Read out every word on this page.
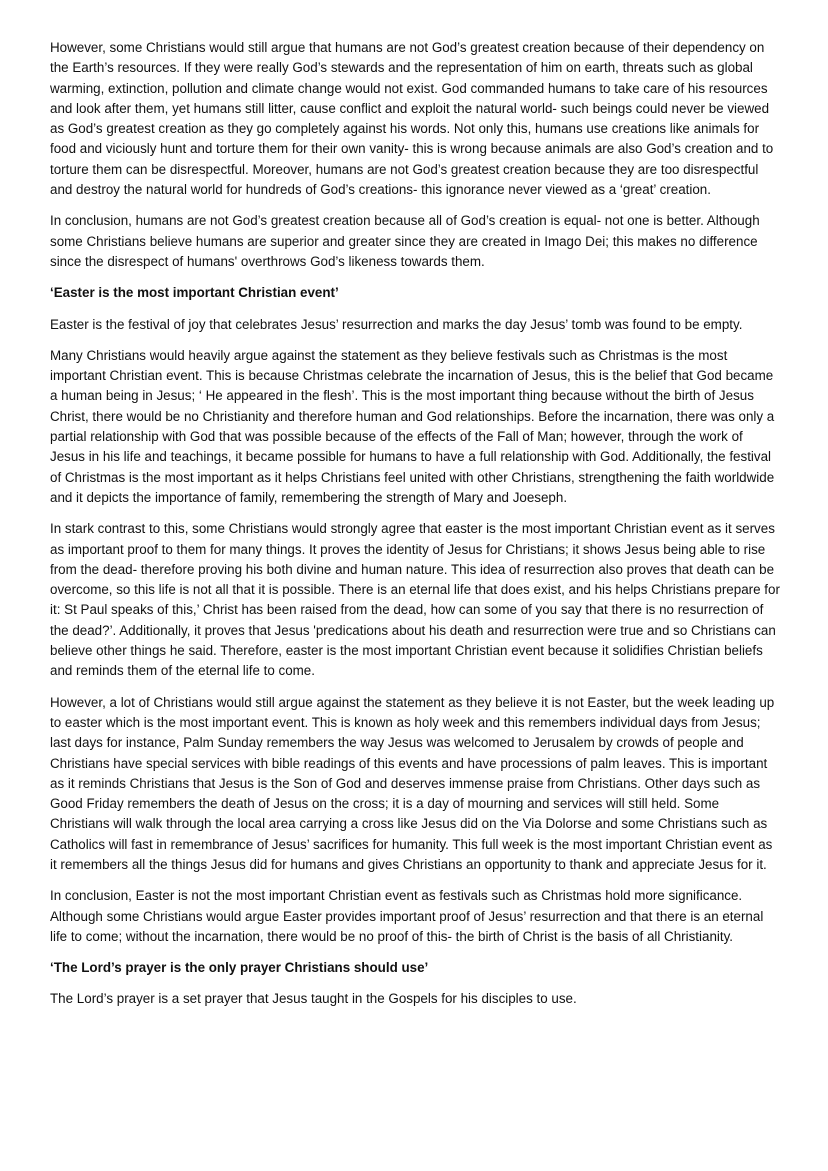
However, some Christians would still argue that humans are not God’s greatest creation because of their dependency on the Earth’s resources. If they were really God’s stewards and the representation of him on earth, threats such as global warming, extinction, pollution and climate change would not exist. God commanded humans to take care of his resources and look after them, yet humans still litter, cause conflict and exploit the natural world- such beings could never be viewed as God’s greatest creation as they go completely against his words. Not only this, humans use creations like animals for food and viciously hunt and torture them for their own vanity- this is wrong because animals are also God’s creation and to torture them can be disrespectful. Moreover, humans are not God’s greatest creation because they are too disrespectful and destroy the natural world for hundreds of God’s creations- this ignorance never viewed as a ‘great’ creation.

In conclusion, humans are not God’s greatest creation because all of God’s creation is equal- not one is better. Although some Christians believe humans are superior and greater since they are created in Imago Dei; this makes no difference since the disrespect of humans' overthrows God’s likeness towards them.

‘Easter is the most important Christian event’

Easter is the festival of joy that celebrates Jesus’ resurrection and marks the day Jesus’ tomb was found to be empty.

Many Christians would heavily argue against the statement as they believe festivals such as Christmas is the most important Christian event. This is because Christmas celebrate the incarnation of Jesus, this is the belief that God became a human being in Jesus; ‘ He appeared in the flesh’. This is the most important thing because without the birth of Jesus Christ, there would be no Christianity and therefore human and God relationships. Before the incarnation, there was only a partial relationship with God that was possible because of the effects of the Fall of Man; however, through the work of Jesus in his life and teachings, it became possible for humans to have a full relationship with God. Additionally, the festival of Christmas is the most important as it helps Christians feel united with other Christians, strengthening the faith worldwide and it depicts the importance of family, remembering the strength of Mary and Joeseph.

In stark contrast to this, some Christians would strongly agree that easter is the most important Christian event as it serves as important proof to them for many things. It proves the identity of Jesus for Christians; it shows Jesus being able to rise from the dead- therefore proving his both divine and human nature. This idea of resurrection also proves that death can be overcome, so this life is not all that it is possible. There is an eternal life that does exist, and his helps Christians prepare for it: St Paul speaks of this,’ Christ has been raised from the dead, how can some of you say that there is no resurrection of the dead?’. Additionally, it proves that Jesus 'predications about his death and resurrection were true and so Christians can believe other things he said. Therefore, easter is the most important Christian event because it solidifies Christian beliefs and reminds them of the eternal life to come.

However, a lot of Christians would still argue against the statement as they believe it is not Easter, but the week leading up to easter which is the most important event. This is known as holy week and this remembers individual days from Jesus; last days for instance, Palm Sunday remembers the way Jesus was welcomed to Jerusalem by crowds of people and Christians have special services with bible readings of this events and have processions of palm leaves. This is important as it reminds Christians that Jesus is the Son of God and deserves immense praise from Christians. Other days such as Good Friday remembers the death of Jesus on the cross; it is a day of mourning and services will still held. Some Christians will walk through the local area carrying a cross like Jesus did on the Via Dolorse and some Christians such as Catholics will fast in remembrance of Jesus’ sacrifices for humanity. This full week is the most important Christian event as it remembers all the things Jesus did for humans and gives Christians an opportunity to thank and appreciate Jesus for it.

In conclusion, Easter is not the most important Christian event as festivals such as Christmas hold more significance. Although some Christians would argue Easter provides important proof of Jesus’ resurrection and that there is an eternal life to come; without the incarnation, there would be no proof of this- the birth of Christ is the basis of all Christianity.

‘The Lord’s prayer is the only prayer Christians should use’

The Lord’s prayer is a set prayer that Jesus taught in the Gospels for his disciples to use.
